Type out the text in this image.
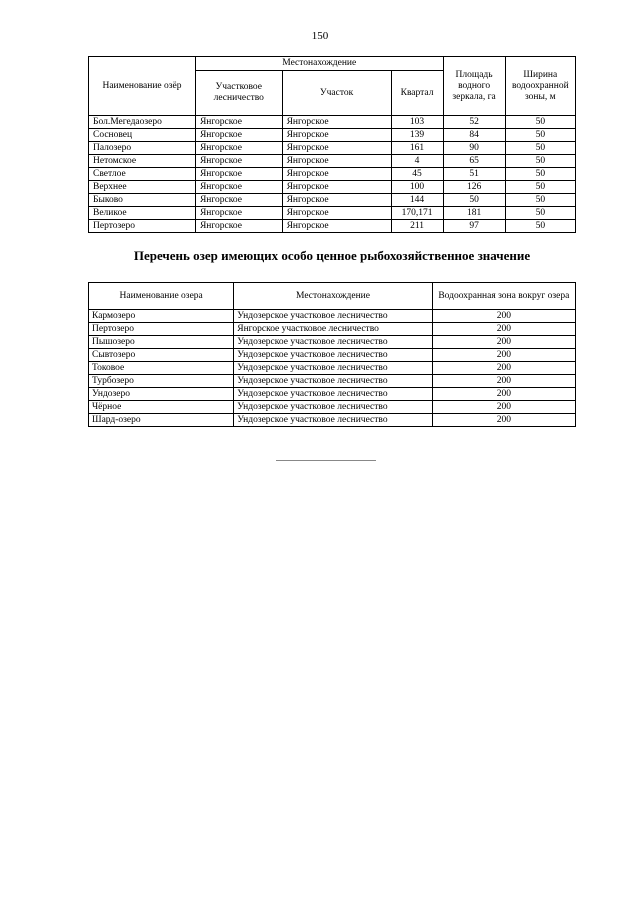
150
Наименование озёр	Местонахождение			Площадь водного зеркала, га	Ширина водоохранной зоны, м
	Участковое лесничество	Участок	Квартал		
Бол.Мегедаозеро	Янгорское	Янгорское	103	52	50
Сосновец	Янгорское	Янгорское	139	84	50
Палозеро	Янгорское	Янгорское	161	90	50
Нетомское	Янгорское	Янгорское	4	65	50
Светлое	Янгорское	Янгорское	45	51	50
Верхнее	Янгорское	Янгорское	100	126	50
Быково	Янгорское	Янгорское	144	50	50
Великое	Янгорское	Янгорское	170,171	181	50
Пертозеро	Янгорское	Янгорское	211	97	50
Перечень озер имеющих особо ценное рыбохозяйственное значение
Наименование озера	Местонахождение	Водоохранная зона вокруг озера
Кармозеро	Ундозерское участковое лесничество	200
Пертозеро	Янгорское участковое лесничество	200
Пышозеро	Ундозерское участковое лесничество	200
Сывтозеро	Ундозерское участковое лесничество	200
Токовое	Ундозерское участковое лесничество	200
Турбозеро	Ундозерское участковое лесничество	200
Ундозеро	Ундозерское участковое лесничество	200
Чёрное	Ундозерское участковое лесничество	200
Шард-озеро	Ундозерское участковое лесничество	200
